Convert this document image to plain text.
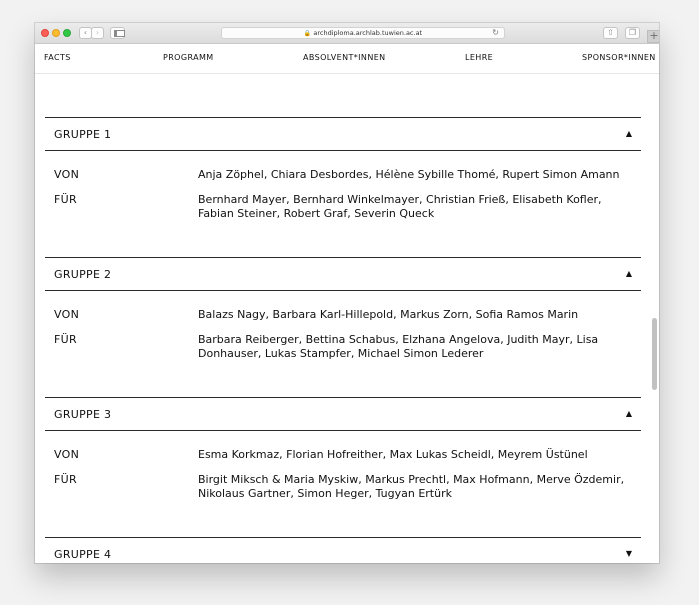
‹	›	🔒 archdiploma.archlab.tuwien.ac.at	↻	⇧	❐	+
FACTS	PROGRAMM	ABSOLVENT*INNEN	LEHRE	SPONSOR*INNEN
GRUPPE 1	▲
VON	Anja Zöphel, Chiara Desbordes, Hélène Sybille Thomé, Rupert Simon Amann
FÜR	Bernhard Mayer, Bernhard Winkelmayer, Christian Frieß, Elisabeth Kofler, Fabian Steiner, Robert Graf, Severin Queck
GRUPPE 2	▲
VON	Balazs Nagy, Barbara Karl-Hillepold, Markus Zorn, Sofia Ramos Marin
FÜR	Barbara Reiberger, Bettina Schabus, Elzhana Angelova, Judith Mayr, Lisa Donhauser, Lukas Stampfer, Michael Simon Lederer
GRUPPE 3	▲
VON	Esma Korkmaz, Florian Hofreither, Max Lukas Scheidl, Meyrem Üstünel
FÜR	Birgit Miksch & Maria Myskiw, Markus Prechtl, Max Hofmann, Merve Özdemir, Nikolaus Gartner, Simon Heger, Tugyan Ertürk
GRUPPE 4	▼
